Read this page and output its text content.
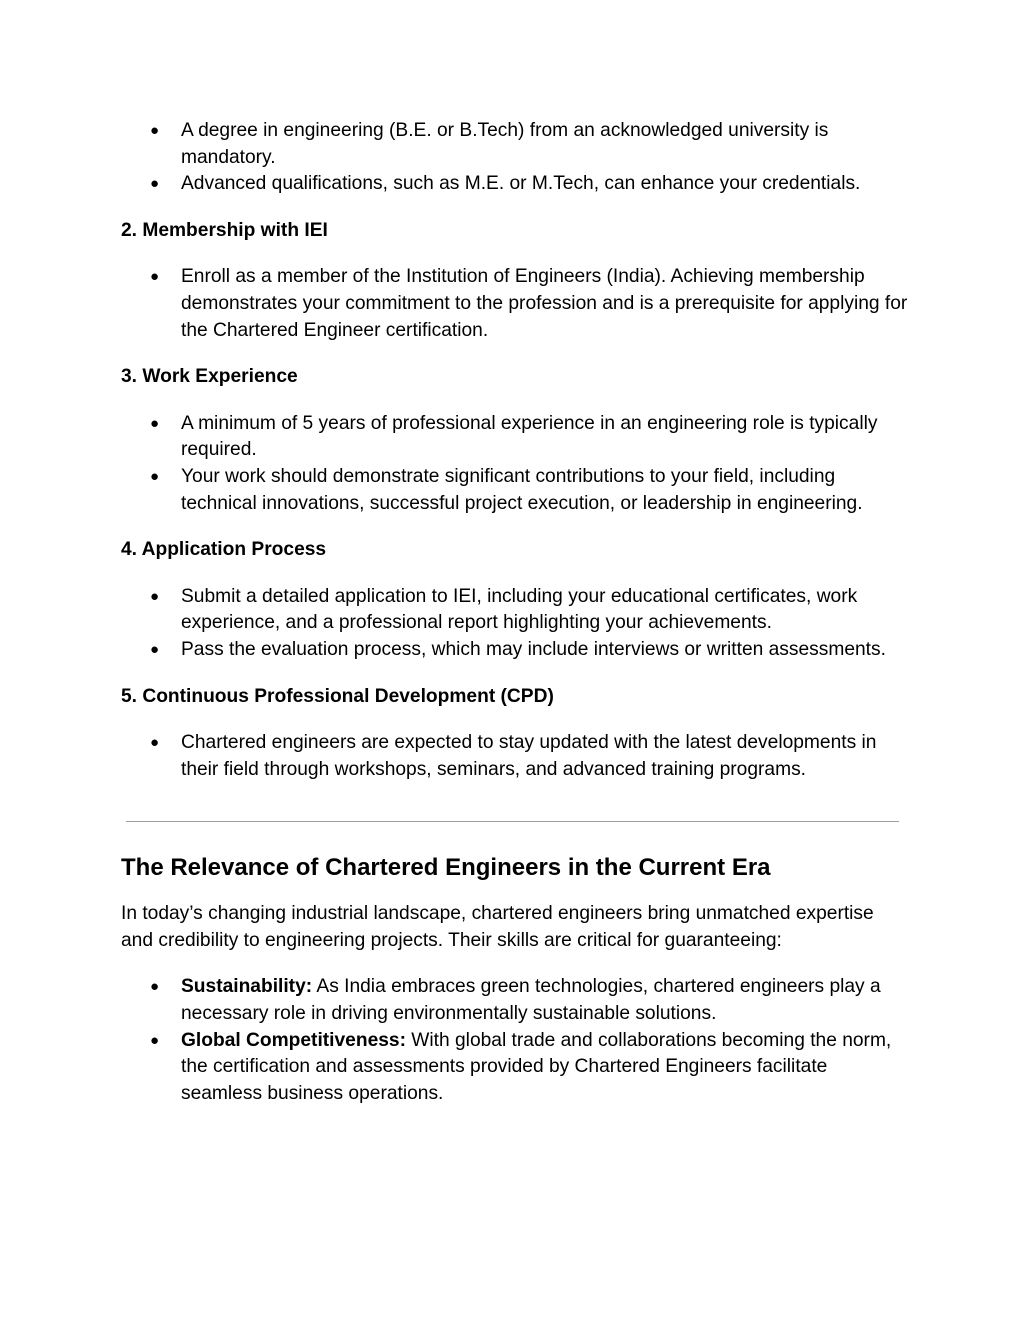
● A degree in engineering (B.E. or B.Tech) from an acknowledged university is mandatory.
● Advanced qualifications, such as M.E. or M.Tech, can enhance your credentials.
2. Membership with IEI
● Enroll as a member of the Institution of Engineers (India). Achieving membership demonstrates your commitment to the profession and is a prerequisite for applying for the Chartered Engineer certification.
3. Work Experience
● A minimum of 5 years of professional experience in an engineering role is typically required.
● Your work should demonstrate significant contributions to your field, including technical innovations, successful project execution, or leadership in engineering.
4. Application Process
● Submit a detailed application to IEI, including your educational certificates, work experience, and a professional report highlighting your achievements.
● Pass the evaluation process, which may include interviews or written assessments.
5. Continuous Professional Development (CPD)
● Chartered engineers are expected to stay updated with the latest developments in their field through workshops, seminars, and advanced training programs.
The Relevance of Chartered Engineers in the Current Era
In today’s changing industrial landscape, chartered engineers bring unmatched expertise and credibility to engineering projects. Their skills are critical for guaranteeing:
● Sustainability: As India embraces green technologies, chartered engineers play a necessary role in driving environmentally sustainable solutions.
● Global Competitiveness: With global trade and collaborations becoming the norm, the certification and assessments provided by Chartered Engineers facilitate seamless business operations.
